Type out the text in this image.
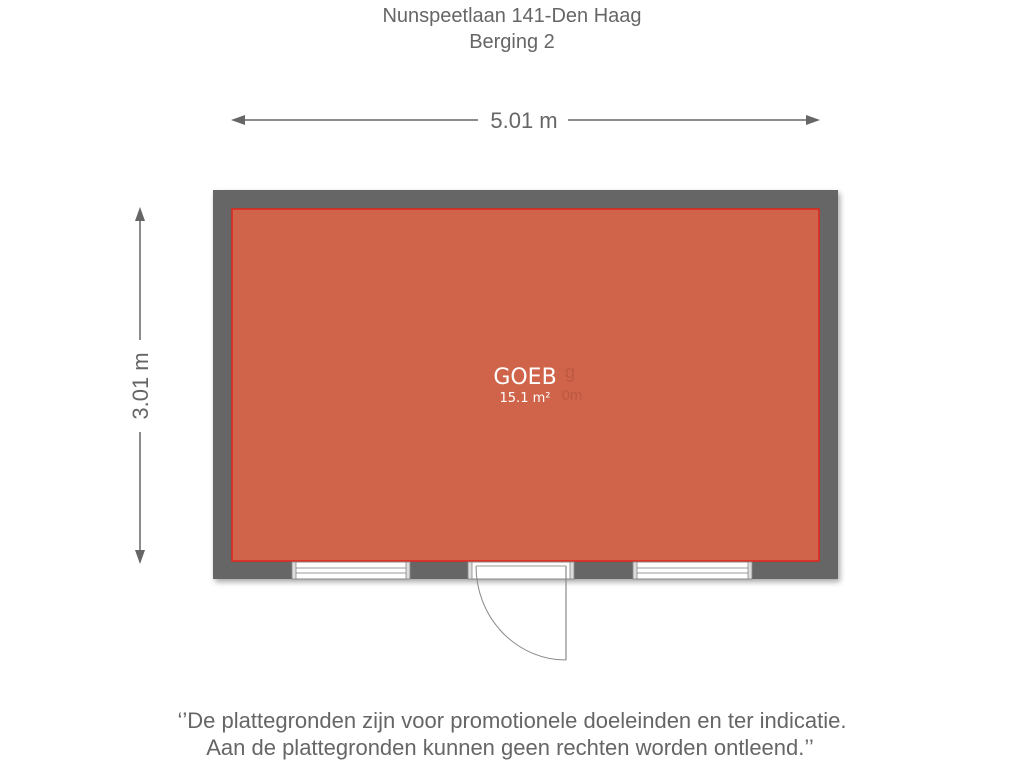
Nunspeetlaan 141-Den Haag
Berging 2
5.01 m
3.01 m	g
0m
GOEB
15.1 m²
‘’De plattegronden zijn voor promotionele doeleinden en ter indicatie.
Aan de plattegronden kunnen geen rechten worden ontleend.’’
